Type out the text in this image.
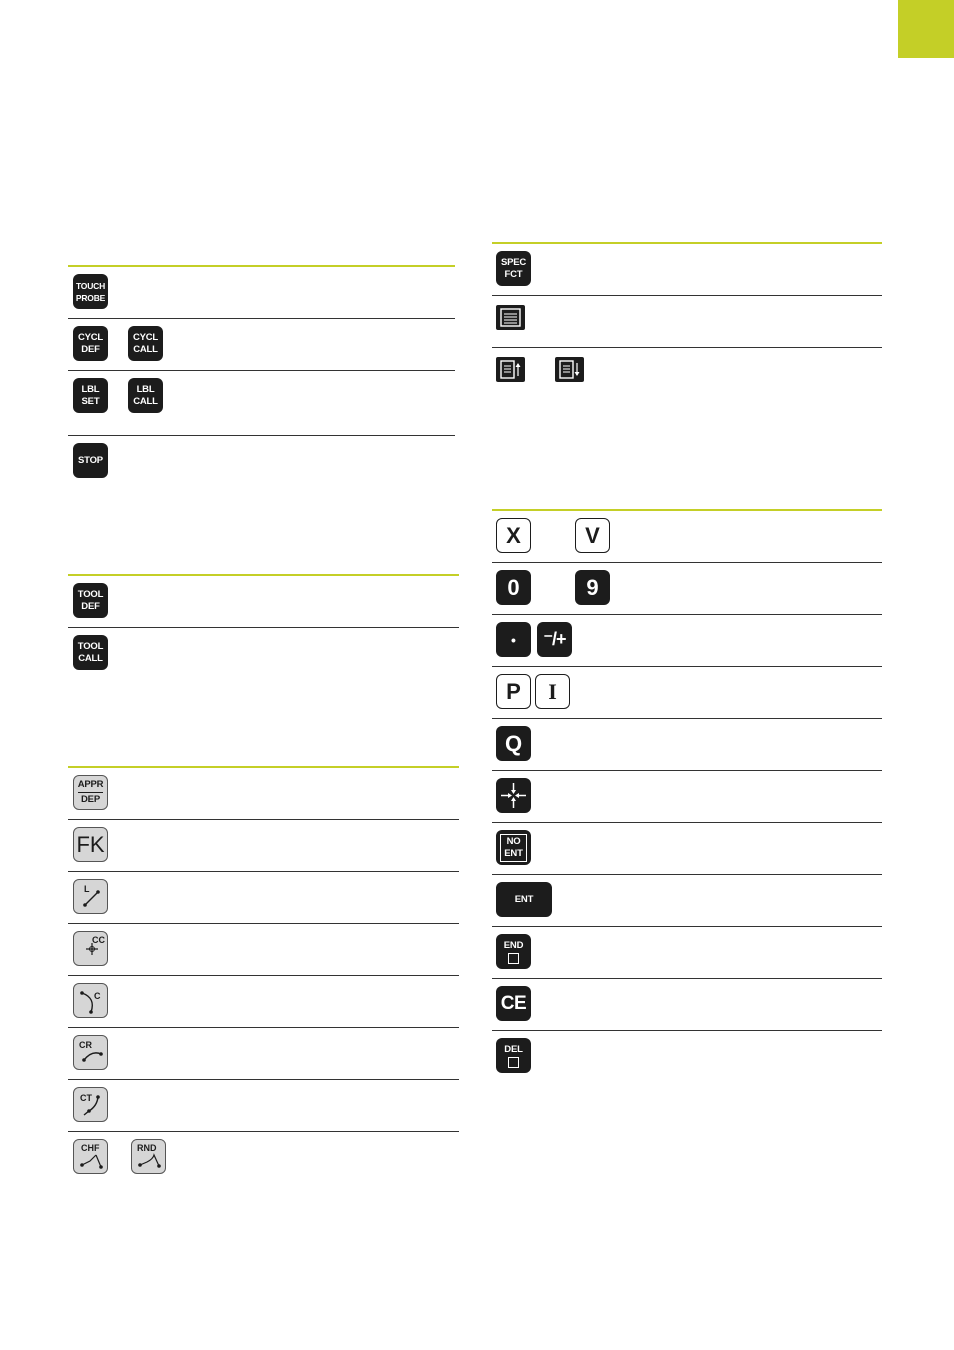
TOUCH
PROBE
CYCL
DEF
CYCL
CALL
LBL
SET
LBL
CALL
STOP
TOOL
DEF
TOOL
CALL
APPR
DEP
FK
L
CC
C
CR
CT
CHF	RND
SPEC
FCT
X	V
0	9
• ⁻/+
P I
Q
NO
ENT
ENT
END
CE
DEL
